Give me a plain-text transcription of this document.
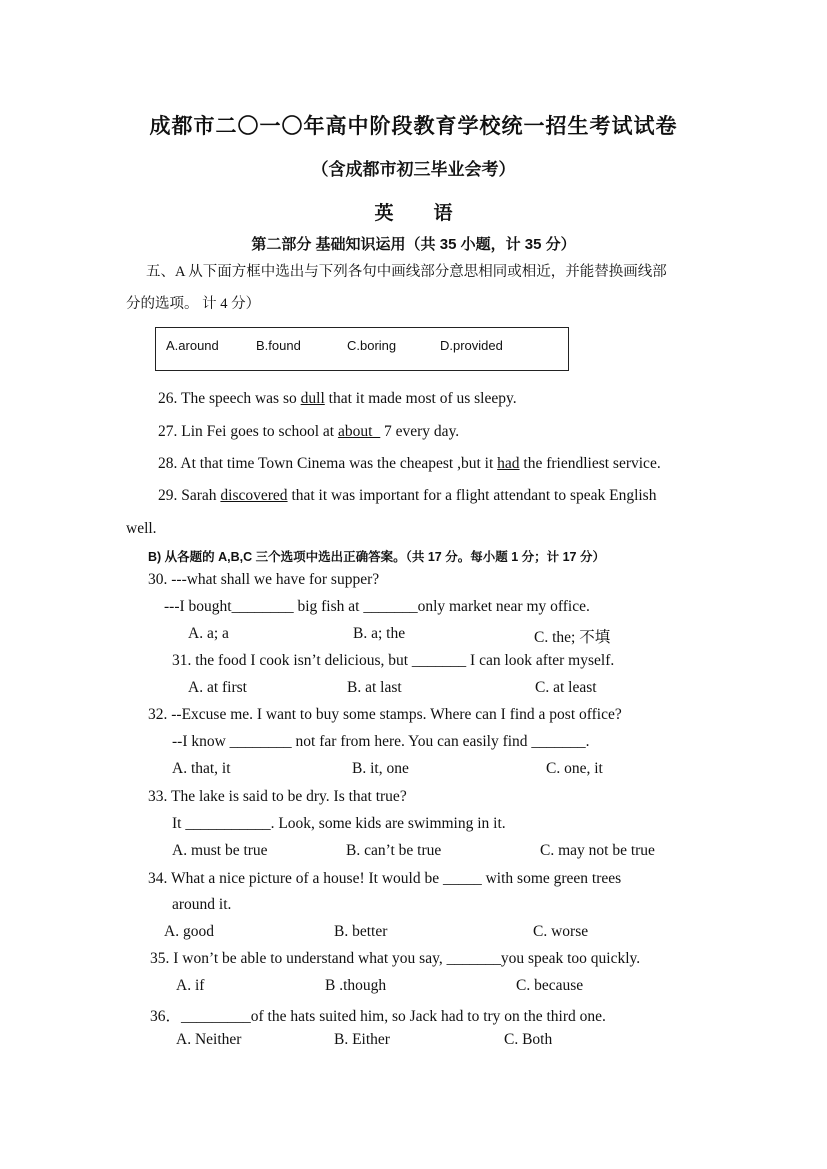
成都市二〇一〇年高中阶段教育学校统一招生考试试卷
（含成都市初三毕业会考）
英语
第二部分 基础知识运用（共 35 小题，计 35 分）
五、A 从下面方框中选出与下列各句中画线部分意思相同或相近，并能替换画线部
分的选项。 计 4 分）
A.around	B.found	C.boring	D.provided
26. The speech was so dull that it made most of us sleepy.
27. Lin Fei goes to school at about_ 7 every day.
28. At that time Town Cinema was the cheapest ,but it had the friendliest service.
29. Sarah discovered that it was important for a flight attendant to speak English
well.
B) 从各题的 A,B,C 三个选项中选出正确答案。（共 17 分。每小题 1 分；计 17 分）
30. ---what shall we have for supper?
---I bought________ big fish at _______only market near my office.
A. a; a	B. a; the	C. the; 不填
31. the food I cook isn’t delicious, but _______ I can look after myself.
A. at first	B. at last	C. at least
32. --Excuse me. I want to buy some stamps. Where can I find a post office?
--I know ________ not far from here. You can easily find _______.
A. that, it	B. it, one	C. one, it
33. The lake is said to be dry. Is that true?
It ___________. Look, some kids are swimming in it.
A. must be true	B. can’t be true	C. may not be true
34. What a nice picture of a house! It would be _____ with some green trees
around it.
A. good	B. better	C. worse
35. I won’t be able to understand what you say, _______you speak too quickly.
A. if	B .though	C. because
36．_________of the hats suited him, so Jack had to try on the third one.
A. Neither	B. Either	C. Both
